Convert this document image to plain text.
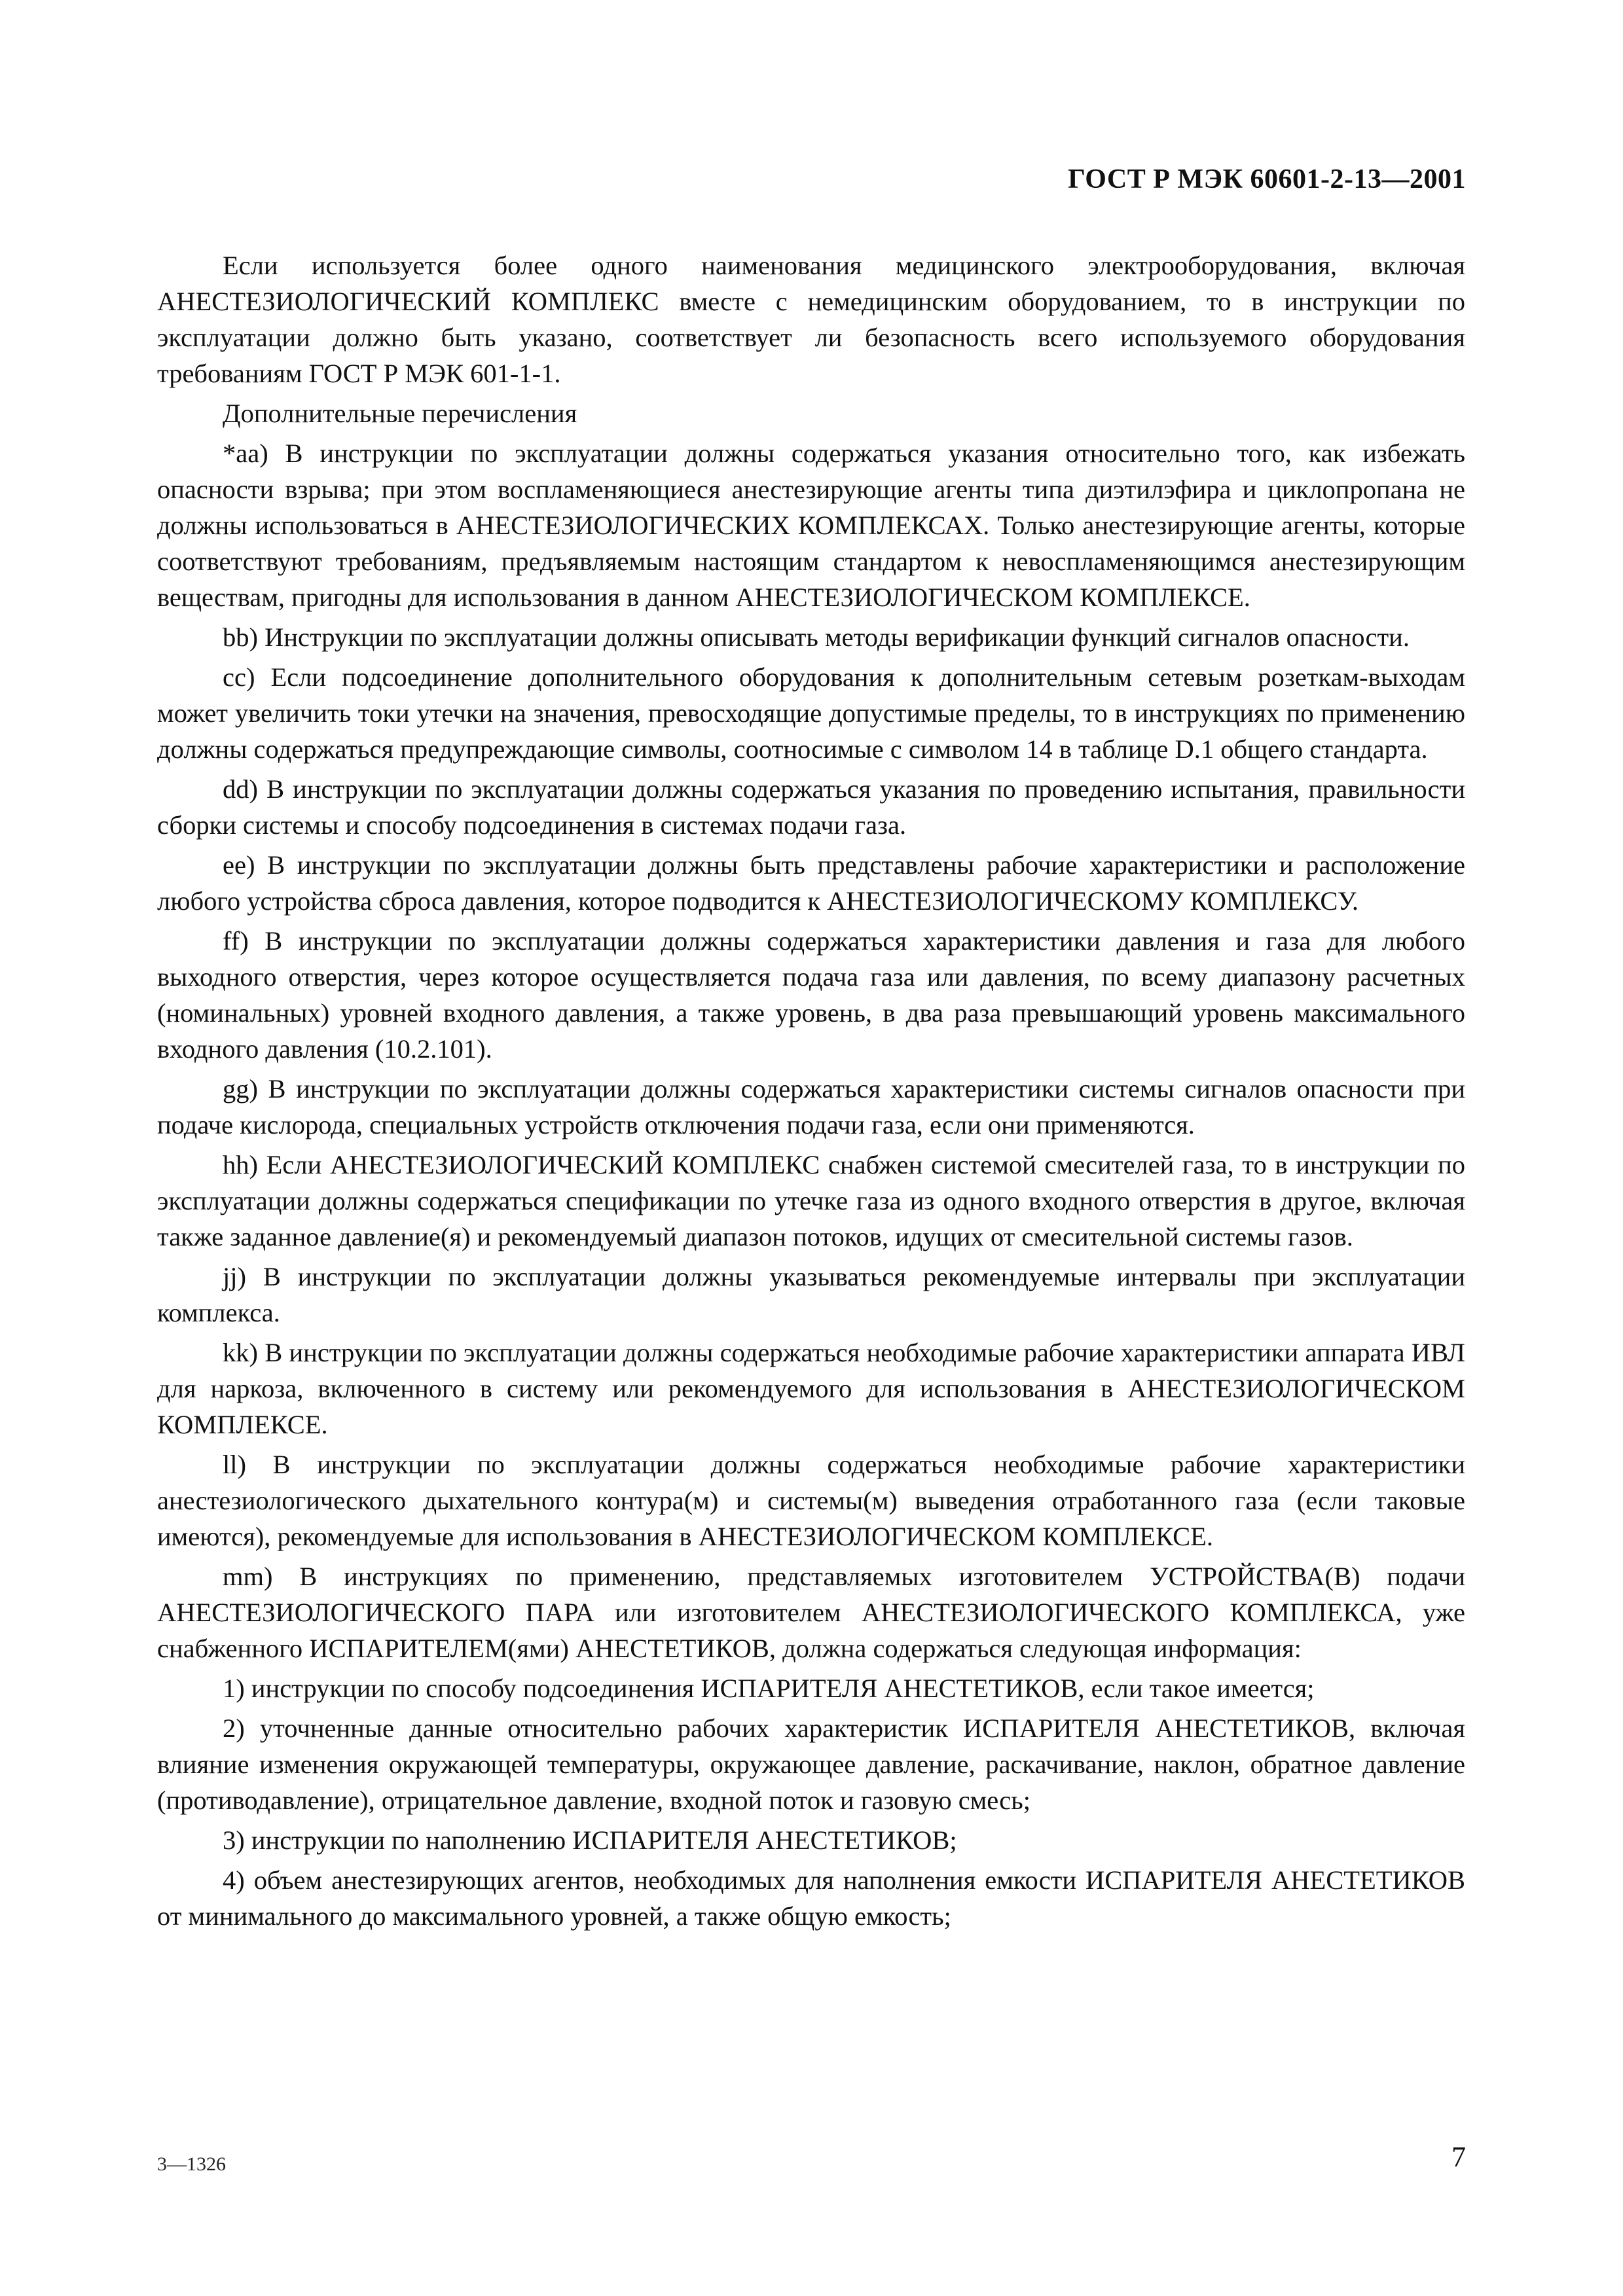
ГОСТ Р МЭК 60601-2-13—2001

Если используется более одного наименования медицинского электрооборудования, включая АНЕСТЕЗИОЛОГИЧЕСКИЙ КОМПЛЕКС вместе с немедицинским оборудованием, то в инструкции по эксплуатации должно быть указано, соответствует ли безопасность всего используемого оборудования требованиям ГОСТ Р МЭК 601-1-1.

Дополнительные перечисления

*аа) В инструкции по эксплуатации должны содержаться указания относительно того, как избежать опасности взрыва; при этом воспламеняющиеся анестезирующие агенты типа диэтилэфира и циклопропана не должны использоваться в АНЕСТЕЗИОЛОГИЧЕСКИХ КОМПЛЕКСАХ. Только анестезирующие агенты, которые соответствуют требованиям, предъявляемым настоящим стандартом к невоспламеняющимся анестезирующим веществам, пригодны для использования в данном АНЕСТЕЗИОЛОГИЧЕСКОМ КОМПЛЕКСЕ.

bb) Инструкции по эксплуатации должны описывать методы верификации функций сигналов опасности.

cc) Если подсоединение дополнительного оборудования к дополнительным сетевым розеткам-выходам может увеличить токи утечки на значения, превосходящие допустимые пределы, то в инструкциях по применению должны содержаться предупреждающие символы, соотносимые с символом 14 в таблице D.1 общего стандарта.

dd) В инструкции по эксплуатации должны содержаться указания по проведению испытания, правильности сборки системы и способу подсоединения в системах подачи газа.

ee) В инструкции по эксплуатации должны быть представлены рабочие характеристики и расположение любого устройства сброса давления, которое подводится к АНЕСТЕЗИОЛОГИЧЕСКОМУ КОМПЛЕКСУ.

ff) В инструкции по эксплуатации должны содержаться характеристики давления и газа для любого выходного отверстия, через которое осуществляется подача газа или давления, по всему диапазону расчетных (номинальных) уровней входного давления, а также уровень, в два раза превышающий уровень максимального входного давления (10.2.101).

gg) В инструкции по эксплуатации должны содержаться характеристики системы сигналов опасности при подаче кислорода, специальных устройств отключения подачи газа, если они применяются.

hh) Если АНЕСТЕЗИОЛОГИЧЕСКИЙ КОМПЛЕКС снабжен системой смесителей газа, то в инструкции по эксплуатации должны содержаться спецификации по утечке газа из одного входного отверстия в другое, включая также заданное давление(я) и рекомендуемый диапазон потоков, идущих от смесительной системы газов.

jj) В инструкции по эксплуатации должны указываться рекомендуемые интервалы при эксплуатации комплекса.

kk) В инструкции по эксплуатации должны содержаться необходимые рабочие характеристики аппарата ИВЛ для наркоза, включенного в систему или рекомендуемого для использования в АНЕСТЕЗИОЛОГИЧЕСКОМ КОМПЛЕКСЕ.

ll) В инструкции по эксплуатации должны содержаться необходимые рабочие характеристики анестезиологического дыхательного контура(м) и системы(м) выведения отработанного газа (если таковые имеются), рекомендуемые для использования в АНЕСТЕЗИОЛОГИЧЕСКОМ КОМПЛЕКСЕ.

mm) В инструкциях по применению, представляемых изготовителем УСТРОЙСТВА(В) подачи АНЕСТЕЗИОЛОГИЧЕСКОГО ПАРА или изготовителем АНЕСТЕЗИОЛОГИЧЕСКОГО КОМПЛЕКСА, уже снабженного ИСПАРИТЕЛЕМ(ями) АНЕСТЕТИКОВ, должна содержаться следующая информация:

1) инструкции по способу подсоединения ИСПАРИТЕЛЯ АНЕСТЕТИКОВ, если такое имеется;

2) уточненные данные относительно рабочих характеристик ИСПАРИТЕЛЯ АНЕСТЕТИКОВ, включая влияние изменения окружающей температуры, окружающее давление, раскачивание, наклон, обратное давление (противодавление), отрицательное давление, входной поток и газовую смесь;

3) инструкции по наполнению ИСПАРИТЕЛЯ АНЕСТЕТИКОВ;

4) объем анестезирующих агентов, необходимых для наполнения емкости ИСПАРИТЕЛЯ АНЕСТЕТИКОВ от минимального до максимального уровней, а также общую емкость;

3—1326	7
